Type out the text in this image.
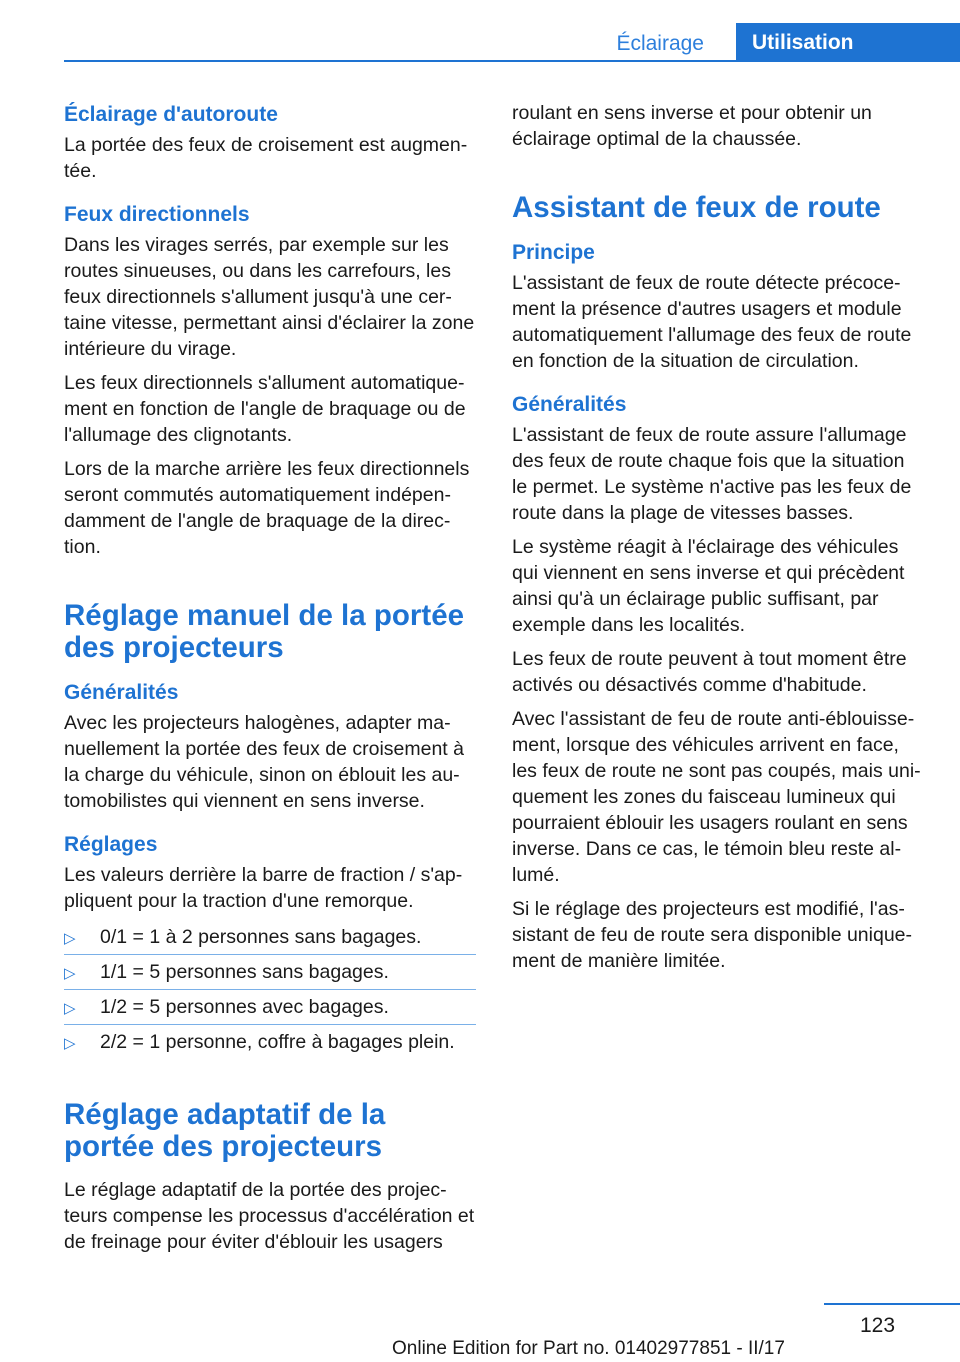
Éclairage	Utilisation
Éclairage d'autoroute

La portée des feux de croisement est augmen-tée.

Feux directionnels

Dans les virages serrés, par exemple sur les routes sinueuses, ou dans les carrefours, les feux directionnels s'allument jusqu'à une cer-taine vitesse, permettant ainsi d'éclairer la zone intérieure du virage.

Les feux directionnels s'allument automatique-ment en fonction de l'angle de braquage ou de l'allumage des clignotants.

Lors de la marche arrière les feux directionnels seront commutés automatiquement indépen-damment de l'angle de braquage de la direc-tion.

Réglage manuel de la portée des projecteurs
Généralités

Avec les projecteurs halogènes, adapter ma-nuellement la portée des feux de croisement à la charge du véhicule, sinon on éblouit les au-tomobilistes qui viennent en sens inverse.

Réglages

Les valeurs derrière la barre de fraction / s'ap-pliquent pour la traction d'une remorque.

▷ 0/1 = 1 à 2 personnes sans bagages.
▷ 1/1 = 5 personnes sans bagages.
▷ 1/2 = 5 personnes avec bagages.
▷ 2/2 = 1 personne, coffre à bagages plein.
Réglage adaptatif de la portée des projecteurs

Le réglage adaptatif de la portée des projec-teurs compense les processus d'accélération et de freinage pour éviter d'éblouir les usagers

roulant en sens inverse et pour obtenir un éclairage optimal de la chaussée.

Assistant de feux de route
Principe

L'assistant de feux de route détecte précoce-ment la présence d'autres usagers et module automatiquement l'allumage des feux de route en fonction de la situation de circulation.

Généralités

L'assistant de feux de route assure l'allumage des feux de route chaque fois que la situation le permet. Le système n'active pas les feux de route dans la plage de vitesses basses.

Le système réagit à l'éclairage des véhicules qui viennent en sens inverse et qui précèdent ainsi qu'à un éclairage public suffisant, par exemple dans les localités.

Les feux de route peuvent à tout moment être activés ou désactivés comme d'habitude.

Avec l'assistant de feu de route anti-éblouisse-ment, lorsque des véhicules arrivent en face, les feux de route ne sont pas coupés, mais uni-quement les zones du faisceau lumineux qui pourraient éblouir les usagers roulant en sens inverse. Dans ce cas, le témoin bleu reste al-lumé.

Si le réglage des projecteurs est modifié, l'as-sistant de feu de route sera disponible unique-ment de manière limitée.

123
Online Edition for Part no. 01402977851 - II/17
